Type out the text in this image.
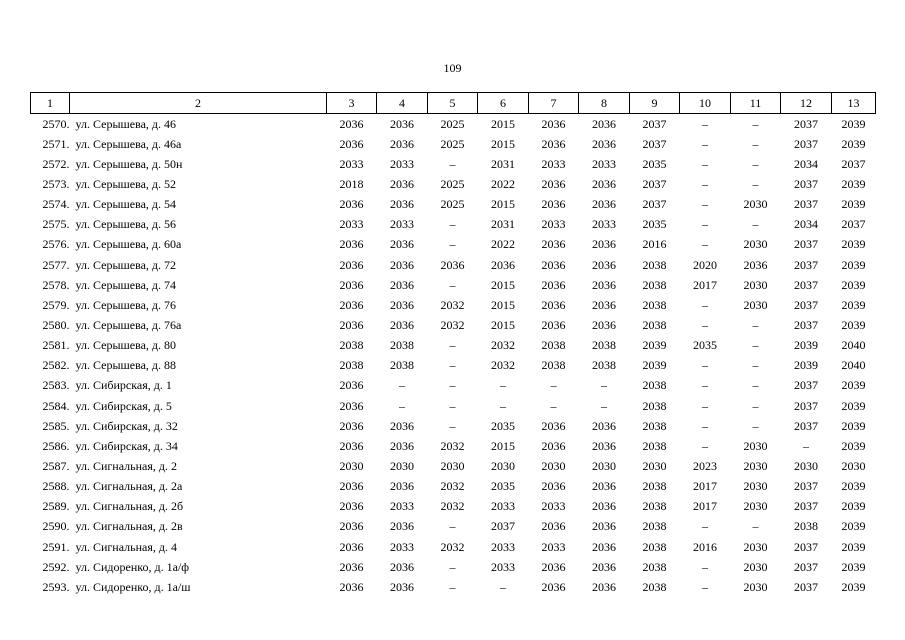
109
1	2	3	4	5	6	7	8	9	10	11	12	13
2570.	ул. Серышева, д. 46	2036	2036	2025	2015	2036	2036	2037	–	–	2037	2039
2571.	ул. Серышева, д. 46а	2036	2036	2025	2015	2036	2036	2037	–	–	2037	2039
2572.	ул. Серышева, д. 50н	2033	2033	–	2031	2033	2033	2035	–	–	2034	2037
2573.	ул. Серышева, д. 52	2018	2036	2025	2022	2036	2036	2037	–	–	2037	2039
2574.	ул. Серышева, д. 54	2036	2036	2025	2015	2036	2036	2037	–	2030	2037	2039
2575.	ул. Серышева, д. 56	2033	2033	–	2031	2033	2033	2035	–	–	2034	2037
2576.	ул. Серышева, д. 60а	2036	2036	–	2022	2036	2036	2016	–	2030	2037	2039
2577.	ул. Серышева, д. 72	2036	2036	2036	2036	2036	2036	2038	2020	2036	2037	2039
2578.	ул. Серышева, д. 74	2036	2036	–	2015	2036	2036	2038	2017	2030	2037	2039
2579.	ул. Серышева, д. 76	2036	2036	2032	2015	2036	2036	2038	–	2030	2037	2039
2580.	ул. Серышева, д. 76а	2036	2036	2032	2015	2036	2036	2038	–	–	2037	2039
2581.	ул. Серышева, д. 80	2038	2038	–	2032	2038	2038	2039	2035	–	2039	2040
2582.	ул. Серышева, д. 88	2038	2038	–	2032	2038	2038	2039	–	–	2039	2040
2583.	ул. Сибирская, д. 1	2036	–	–	–	–	–	2038	–	–	2037	2039
2584.	ул. Сибирская, д. 5	2036	–	–	–	–	–	2038	–	–	2037	2039
2585.	ул. Сибирская, д. 32	2036	2036	–	2035	2036	2036	2038	–	–	2037	2039
2586.	ул. Сибирская, д. 34	2036	2036	2032	2015	2036	2036	2038	–	2030	–	2039
2587.	ул. Сигнальная, д. 2	2030	2030	2030	2030	2030	2030	2030	2023	2030	2030	2030
2588.	ул. Сигнальная, д. 2а	2036	2036	2032	2035	2036	2036	2038	2017	2030	2037	2039
2589.	ул. Сигнальная, д. 2б	2036	2033	2032	2033	2033	2036	2038	2017	2030	2037	2039
2590.	ул. Сигнальная, д. 2в	2036	2036	–	2037	2036	2036	2038	–	–	2038	2039
2591.	ул. Сигнальная, д. 4	2036	2033	2032	2033	2033	2036	2038	2016	2030	2037	2039
2592.	ул. Сидоренко, д. 1а/ф	2036	2036	–	2033	2036	2036	2038	–	2030	2037	2039
2593.	ул. Сидоренко, д. 1а/ш	2036	2036	–	–	2036	2036	2038	–	2030	2037	2039
